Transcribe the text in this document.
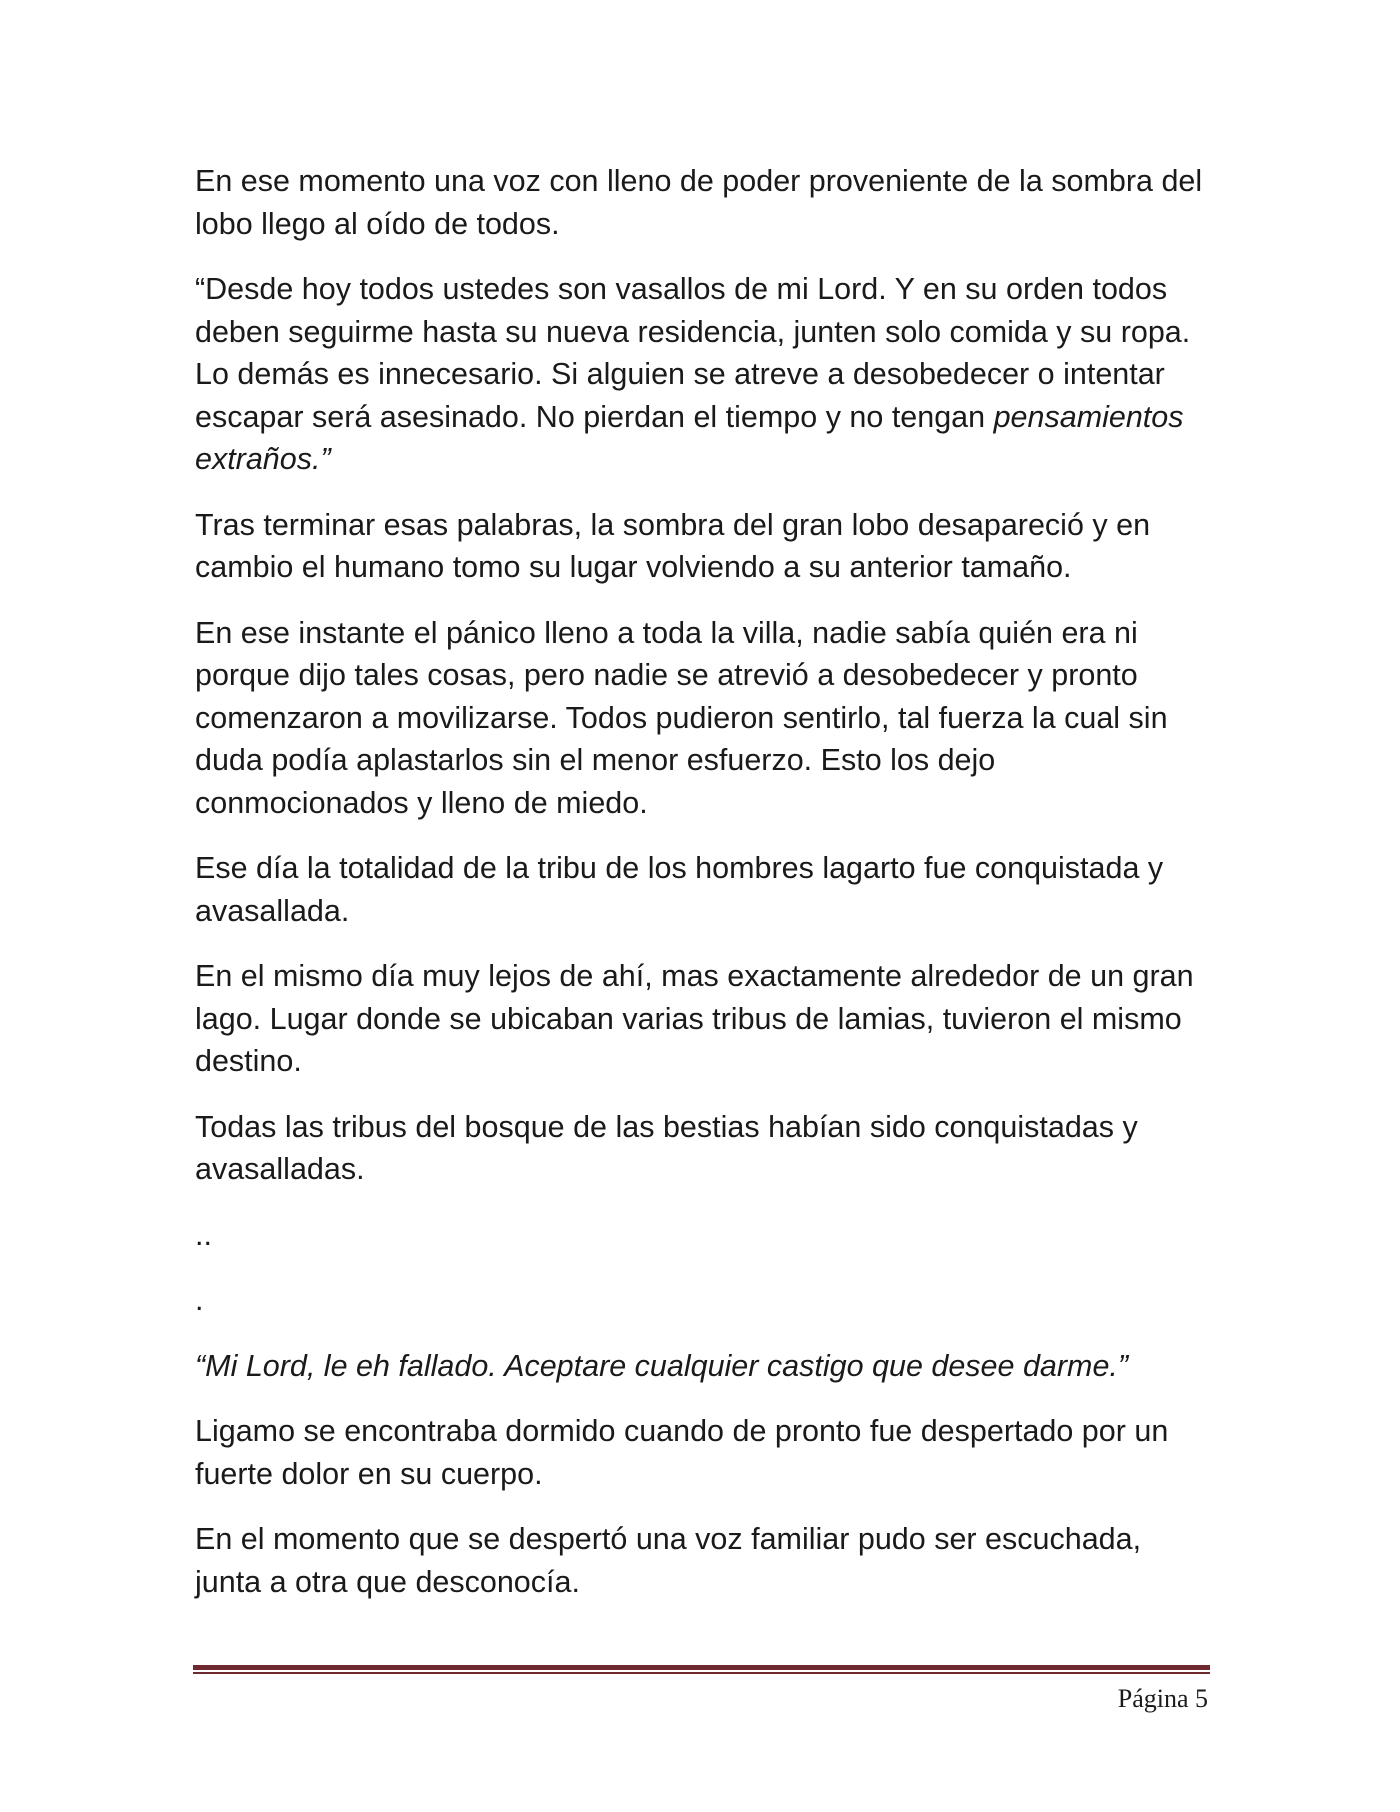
En ese momento una voz con lleno de poder proveniente de la sombra del lobo llego al oído de todos.

“Desde hoy todos ustedes son vasallos de mi Lord. Y en su orden todos deben seguirme hasta su nueva residencia, junten solo comida y su ropa. Lo demás es innecesario. Si alguien se atreve a desobedecer o intentar escapar será asesinado. No pierdan el tiempo y no tengan pensamientos extraños.”

Tras terminar esas palabras, la sombra del gran lobo desapareció y en cambio el humano tomo su lugar volviendo a su anterior tamaño.

En ese instante el pánico lleno a toda la villa, nadie sabía quién era ni porque dijo tales cosas, pero nadie se atrevió a desobedecer y pronto comenzaron a movilizarse. Todos pudieron sentirlo, tal fuerza la cual sin duda podía aplastarlos sin el menor esfuerzo. Esto los dejo conmocionados y lleno de miedo.

Ese día la totalidad de la tribu de los hombres lagarto fue conquistada y avasallada.

En el mismo día muy lejos de ahí, mas exactamente alrededor de un gran lago. Lugar donde se ubicaban varias tribus de lamias, tuvieron el mismo destino.

Todas las tribus del bosque de las bestias habían sido conquistadas y avasalladas.

..

.

“Mi Lord, le eh fallado. Aceptare cualquier castigo que desee darme.”

Ligamo se encontraba dormido cuando de pronto fue despertado por un fuerte dolor en su cuerpo.

En el momento que se despertó una voz familiar pudo ser escuchada, junta a otra que desconocía.

Página 5
